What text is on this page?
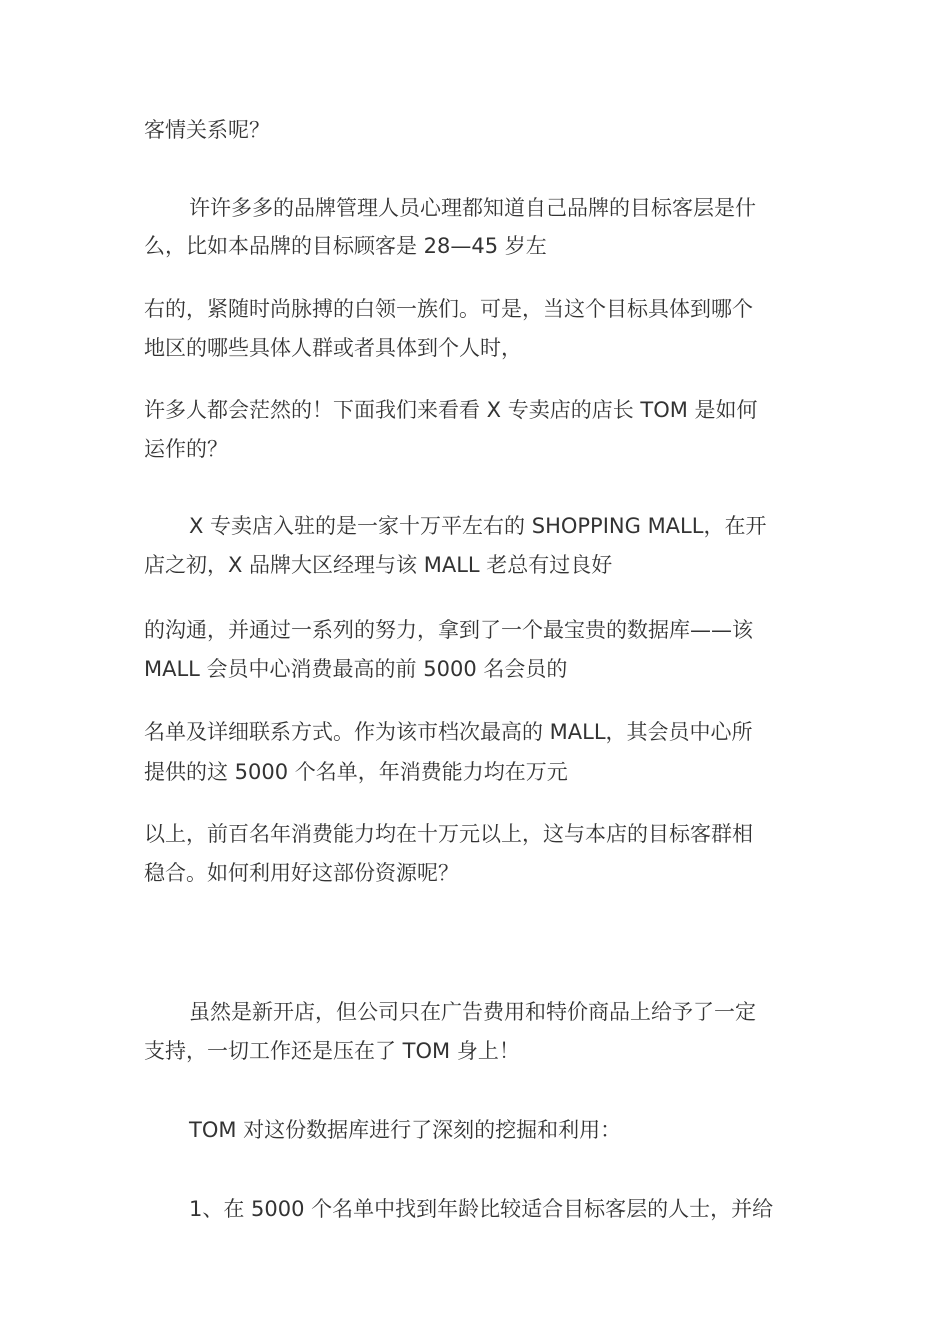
客情关系呢？
许许多多的品牌管理人员心理都知道自己品牌的目标客层是什
么，比如本品牌的目标顾客是 28—45 岁左
右的，紧随时尚脉搏的白领一族们。可是，当这个目标具体到哪个
地区的哪些具体人群或者具体到个人时，
许多人都会茫然的！下面我们来看看 X 专卖店的店长 TOM 是如何
运作的？
X 专卖店入驻的是一家十万平左右的 SHOPPING MALL，在开
店之初，X 品牌大区经理与该 MALL 老总有过良好
的沟通，并通过一系列的努力，拿到了一个最宝贵的数据库——该
MALL 会员中心消费最高的前 5000 名会员的
名单及详细联系方式。作为该市档次最高的 MALL，其会员中心所
提供的这 5000 个名单，年消费能力均在万元
以上，前百名年消费能力均在十万元以上，这与本店的目标客群相
稳合。如何利用好这部份资源呢？
虽然是新开店，但公司只在广告费用和特价商品上给予了一定
支持，一切工作还是压在了 TOM 身上！
TOM 对这份数据库进行了深刻的挖掘和利用：
1、在 5000 个名单中找到年龄比较适合目标客层的人士，并给
